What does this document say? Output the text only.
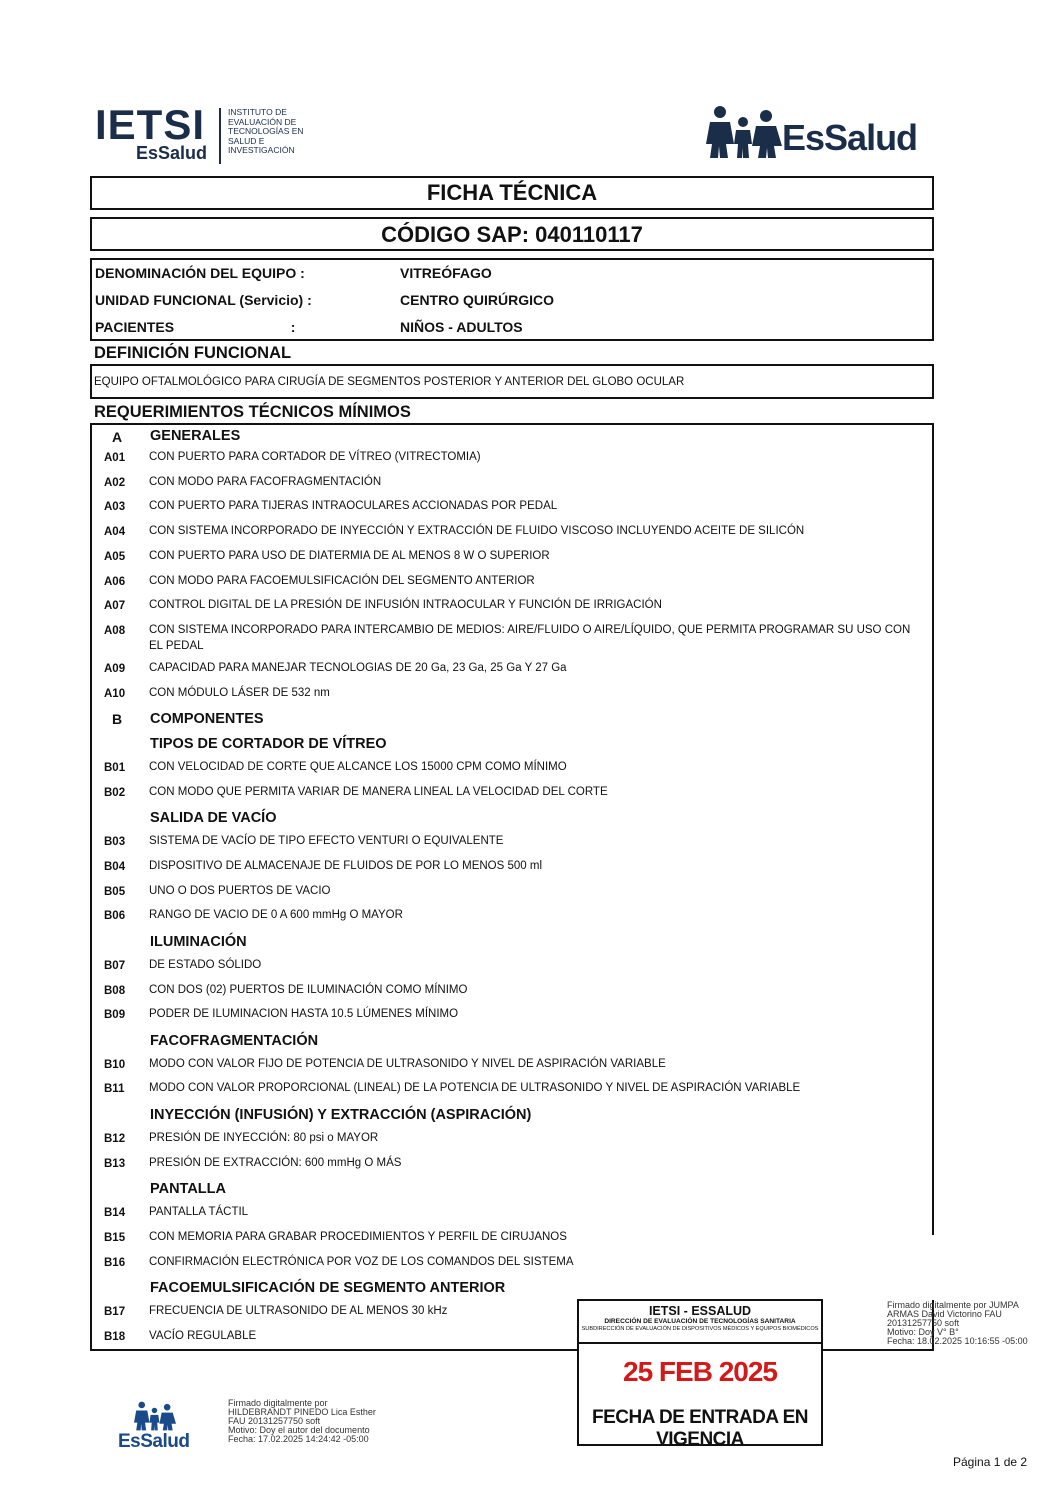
IETSI
EsSalud
INSTITUTO DE
EVALUACIÓN DE
TECNOLOGÍAS EN
SALUD E
INVESTIGACIÓN	EsSalud
FICHA TÉCNICA
CÓDIGO SAP: 040110117
DENOMINACIÓN DEL EQUIPO :	VITREÓFAGO
UNIDAD FUNCIONAL (Servicio) :	CENTRO QUIRÚRGICO
PACIENTES                              :	NIÑOS - ADULTOS
DEFINICIÓN FUNCIONAL
EQUIPO OFTALMOLÓGICO PARA CIRUGÍA DE SEGMENTOS POSTERIOR Y ANTERIOR DEL GLOBO OCULAR
REQUERIMIENTOS TÉCNICOS MÍNIMOS
A GENERALES
A01	CON PUERTO PARA CORTADOR DE VÍTREO (VITRECTOMIA)
A02	CON MODO PARA FACOFRAGMENTACIÓN
A03	CON PUERTO PARA TIJERAS INTRAOCULARES ACCIONADAS POR PEDAL
A04	CON SISTEMA INCORPORADO DE INYECCIÓN Y EXTRACCIÓN DE FLUIDO VISCOSO INCLUYENDO ACEITE DE SILICÓN
A05	CON PUERTO PARA USO DE DIATERMIA DE AL MENOS 8 W O SUPERIOR
A06	CON MODO PARA FACOEMULSIFICACIÓN DEL SEGMENTO ANTERIOR
A07	CONTROL DIGITAL DE LA PRESIÓN DE INFUSIÓN INTRAOCULAR Y FUNCIÓN DE IRRIGACIÓN
A08	CON SISTEMA INCORPORADO PARA INTERCAMBIO DE MEDIOS: AIRE/FLUIDO O AIRE/LÍQUIDO, QUE PERMITA PROGRAMAR SU USO CON EL PEDAL
A09	CAPACIDAD PARA MANEJAR TECNOLOGIAS DE 20 Ga, 23 Ga, 25 Ga Y 27 Ga
A10	CON MÓDULO LÁSER DE 532 nm
B COMPONENTES
TIPOS DE CORTADOR DE VÍTREO
B01	CON VELOCIDAD DE CORTE QUE ALCANCE LOS 15000 CPM COMO MÍNIMO
B02	CON MODO QUE PERMITA VARIAR DE MANERA LINEAL LA VELOCIDAD DEL CORTE
SALIDA DE VACÍO
B03	SISTEMA DE VACÍO DE TIPO EFECTO VENTURI O EQUIVALENTE
B04	DISPOSITIVO DE ALMACENAJE DE FLUIDOS DE POR LO MENOS 500 ml
B05	UNO O DOS PUERTOS DE VACIO
B06	RANGO DE VACIO DE 0 A 600 mmHg O MAYOR
ILUMINACIÓN
B07	DE ESTADO SÓLIDO
B08	CON DOS (02) PUERTOS DE ILUMINACIÓN COMO MÍNIMO
B09	PODER DE ILUMINACION HASTA 10.5 LÚMENES MÍNIMO
FACOFRAGMENTACIÓN
B10	MODO CON VALOR FIJO DE POTENCIA DE ULTRASONIDO Y NIVEL DE ASPIRACIÓN VARIABLE
B11	MODO CON VALOR PROPORCIONAL (LINEAL) DE LA POTENCIA DE ULTRASONIDO Y NIVEL DE ASPIRACIÓN VARIABLE
INYECCIÓN (INFUSIÓN) Y EXTRACCIÓN (ASPIRACIÓN)
B12	PRESIÓN DE INYECCIÓN: 80 psi o MAYOR
B13	PRESIÓN DE EXTRACCIÓN: 600 mmHg O MÁS
PANTALLA
B14	PANTALLA TÁCTIL
B15	CON MEMORIA PARA GRABAR PROCEDIMIENTOS Y PERFIL DE CIRUJANOS
B16	CONFIRMACIÓN ELECTRÓNICA POR VOZ DE LOS COMANDOS DEL SISTEMA
FACOEMULSIFICACIÓN DE SEGMENTO ANTERIOR
B17	FRECUENCIA DE ULTRASONIDO DE AL MENOS 30 kHz
B18	VACÍO REGULABLE
IETSI - ESSALUD
DIRECCIÓN DE EVALUACIÓN DE TECNOLOGÍAS SANITARIA
SUBDIRECCIÓN DE EVALUACIÓN DE DISPOSITIVOS MÉDICOS Y EQUIPOS BIOMÉDICOS
25 FEB 2025
FECHA DE ENTRADA EN VIGENCIA
Firmado digitalmente por JUMPA
ARMAS David Victorino FAU
20131257750 soft
Motivo: Doy V° B°
Fecha: 18.02.2025 10:16:55 -05:00
EsSalud
Firmado digitalmente por
HILDEBRANDT PINEDO Lica Esther
FAU 20131257750 soft
Motivo: Doy el autor del documento
Fecha: 17.02.2025 14:24:42 -05:00
Página 1 de 2
